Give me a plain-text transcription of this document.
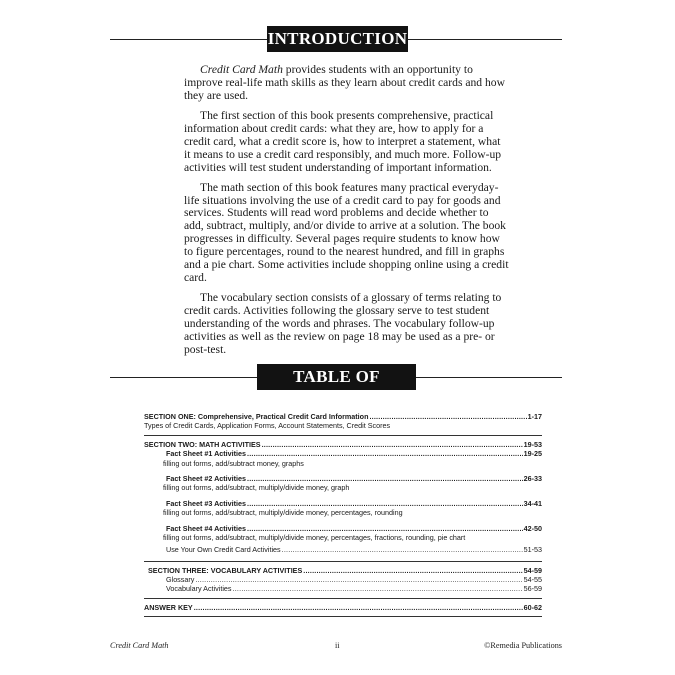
INTRODUCTION

Credit Card Math provides students with an opportunity to improve real-life math skills as they learn about credit cards and how they are used.

The first section of this book presents comprehensive, practical information about credit cards: what they are, how to apply for a credit card, what a credit score is, how to interpret a statement, what it means to use a credit card responsibly, and much more. Follow-up activities will test student understanding of important information.

The math section of this book features many practical everyday-life situations involving the use of a credit card to pay for goods and services. Students will read word problems and decide whether to add, subtract, multiply, and/or divide to arrive at a solution. The book progresses in difficulty. Several pages require students to know how to figure percentages, round to the nearest hundred, and fill in graphs and a pie chart. Some activities include shopping online using a credit card.

The vocabulary section consists of a glossary of terms relating to credit cards. Activities following the glossary serve to test student understanding of the words and phrases. The vocabulary follow-up activities as well as the review on page 18 may be used as a pre- or post-test.

TABLE OF CONTENT
SECTION ONE: Comprehensive, Practical Credit Card Information .....	1-17
Types of Credit Cards, Application Forms, Account Statements, Credit Scores
SECTION TWO: MATH ACTIVITIES .....	19-53
Fact Sheet #1 Activities .....	19-25
filling out forms, add/subtract money, graphs
Fact Sheet #2 Activities .....	26-33
filling out forms, add/subtract, multiply/divide money, graph
Fact Sheet #3 Activities .....	34-41
filling out forms, add/subtract, multiply/divide money, percentages, rounding
Fact Sheet #4 Activities .....	42-50
filling out forms, add/subtract, multiply/divide money, percentages, fractions, rounding, pie chart
Use Your Own Credit Card Activities .....	51-53
SECTION THREE: VOCABULARY ACTIVITIES .....	54-59
Glossary .....	54-55
Vocabulary Activities .....	56-59
ANSWER KEY .....	60-62
Credit Card Math	ii	©Remedia Publications
